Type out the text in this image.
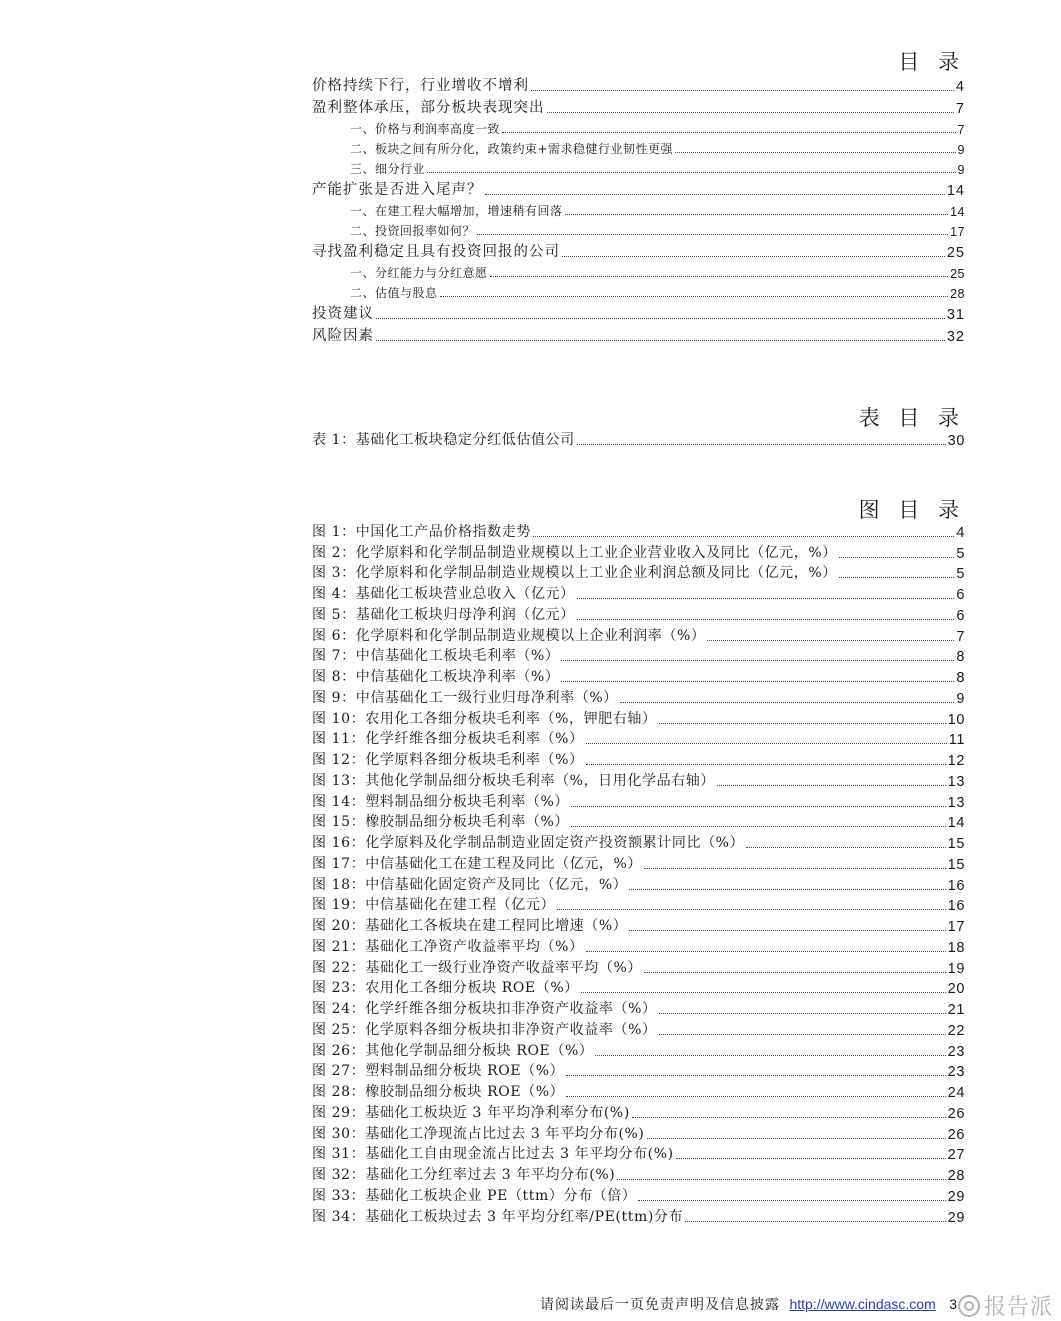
目 录
价格持续下行，行业增收不增利	4
盈利整体承压，部分板块表现突出	7
一、价格与利润率高度一致	7
二、板块之间有所分化，政策约束+需求稳健行业韧性更强	9
三、细分行业	9
产能扩张是否进入尾声？	14
一、在建工程大幅增加，增速稍有回落	14
二、投资回报率如何？	17
寻找盈利稳定且具有投资回报的公司	25
一、分红能力与分红意愿	25
二、估值与股息	28
投资建议	31
风险因素	32
表 目 录
表 1：基础化工板块稳定分红低估值公司	30
图 目 录
图 1：中国化工产品价格指数走势	4
图 2：化学原料和化学制品制造业规模以上工业企业营业收入及同比（亿元，%）	5
图 3：化学原料和化学制品制造业规模以上工业企业利润总额及同比（亿元，%）	5
图 4：基础化工板块营业总收入（亿元）	6
图 5：基础化工板块归母净利润（亿元）	6
图 6：化学原料和化学制品制造业规模以上企业利润率（%）	7
图 7：中信基础化工板块毛利率（%）	8
图 8：中信基础化工板块净利率（%）	8
图 9：中信基础化工一级行业归母净利率（%）	9
图 10：农用化工各细分板块毛利率（%，钾肥右轴）	10
图 11：化学纤维各细分板块毛利率（%）	11
图 12：化学原料各细分板块毛利率（%）	12
图 13：其他化学制品细分板块毛利率（%，日用化学品右轴）	13
图 14：塑料制品细分板块毛利率（%）	13
图 15：橡胶制品细分板块毛利率（%）	14
图 16：化学原料及化学制品制造业固定资产投资额累计同比（%）	15
图 17：中信基础化工在建工程及同比（亿元，%）	15
图 18：中信基础化固定资产及同比（亿元，%）	16
图 19：中信基础化在建工程（亿元）	16
图 20：基础化工各板块在建工程同比增速（%）	17
图 21：基础化工净资产收益率平均（%）	18
图 22：基础化工一级行业净资产收益率平均（%）	19
图 23：农用化工各细分板块 ROE（%）	20
图 24：化学纤维各细分板块扣非净资产收益率（%）	21
图 25：化学原料各细分板块扣非净资产收益率（%）	22
图 26：其他化学制品细分板块 ROE（%）	23
图 27：塑料制品细分板块 ROE（%）	23
图 28：橡胶制品细分板块 ROE（%）	24
图 29：基础化工板块近 3 年平均净利率分布(%)	26
图 30：基础化工净现流占比过去 3 年平均分布(%)	26
图 31：基础化工自由现金流占比过去 3 年平均分布(%)	27
图 32：基础化工分红率过去 3 年平均分布(%)	28
图 33：基础化工板块企业 PE（ttm）分布（倍）	29
图 34：基础化工板块过去 3 年平均分红率/PE(ttm)分布	29
请阅读最后一页免责声明及信息披露 http://www.cindasc.com 3 报告派
